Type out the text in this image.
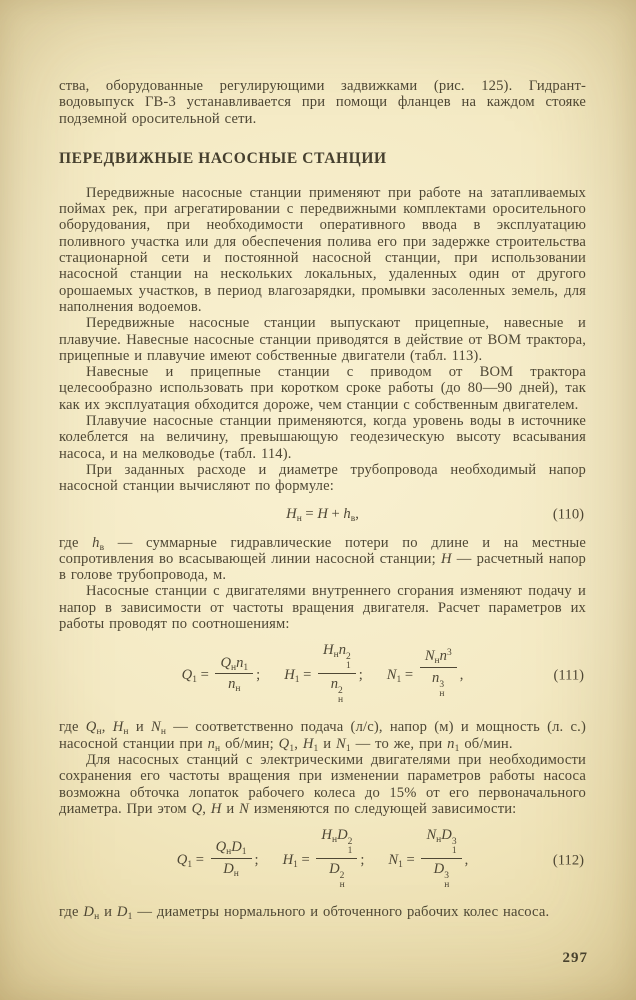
ства, оборудованные регулирующими задвижками (рис. 125). Гидрант-водовыпуск ГВ-3 устанавливается при помощи фланцев на каждом стояке подземной оросительной сети.

ПЕРЕДВИЖНЫЕ НАСОСНЫЕ СТАНЦИИ

Передвижные насосные станции применяют при работе на затапливаемых поймах рек, при агрегатировании с передвижными комплектами оросительного оборудования, при необходимости оперативного ввода в эксплуатацию поливного участка или для обеспечения полива его при задержке строительства стационарной сети и постоянной насосной станции, при использовании насосной станции на нескольких локальных, удаленных один от другого орошаемых участков, в период влагозарядки, промывки засоленных земель, для наполнения водоемов.

Передвижные насосные станции выпускают прицепные, навесные и плавучие. Навесные насосные станции приводятся в действие от ВОМ трактора, прицепные и плавучие имеют собственные двигатели (табл. 113).

Навесные и прицепные станции с приводом от ВОМ трактора целесообразно использовать при коротком сроке работы (до 80—90 дней), так как их эксплуатация обходится дороже, чем станции с собственным двигателем.

Плавучие насосные станции применяются, когда уровень воды в источнике колеблется на величину, превышающую геодезическую высоту всасывания насоса, и на мелководье (табл. 114).

При заданных расходе и диаметре трубопровода необходимый напор насосной станции вычисляют по формуле:

$H_н = H + h_в$,	(110)

где $h_в$ — суммарные гидравлические потери по длине и на местные сопротивления во всасывающей линии насосной станции; H — расчетный напор в голове трубопровода, м.

Насосные станции с двигателями внутреннего сгорания изменяют подачу и напор в зависимости от частоты вращения двигателя. Расчет параметров их работы проводят по соотношениям:

$Q_1 = \frac{Q_нn_1}{n_н}$ ; $H_1 = H_нn$ 2
1
n 2
н ; $N_1 = N_нn^3$
n 3
н ,	(111)

где $Q_н$, $H_н$ и $N_н$ — соответственно подача (л/с), напор (м) и мощность (л. с.) насосной станции при $n_н$ об/мин; $Q_1$, $H_1$ и $N_1$ — то же, при $n_1$ об/мин.

Для насосных станций с электрическими двигателями при необходимости сохранения его частоты вращения при изменении параметров работы насоса возможна обточка лопаток рабочего колеса до 15% от его первоначального диаметра. При этом Q, H и N изменяются по следующей зависимости:

$Q_1 = \frac{Q_нD_1}{D_н}$ ; $H_1 = H_нD$ 2
1
D 2
н ; $N_1 = N_нD$ 3
1
D 3
н ,	(112)

где $D_н$ и $D_1$ — диаметры нормального и обточенного рабочих колес насоса.

297
